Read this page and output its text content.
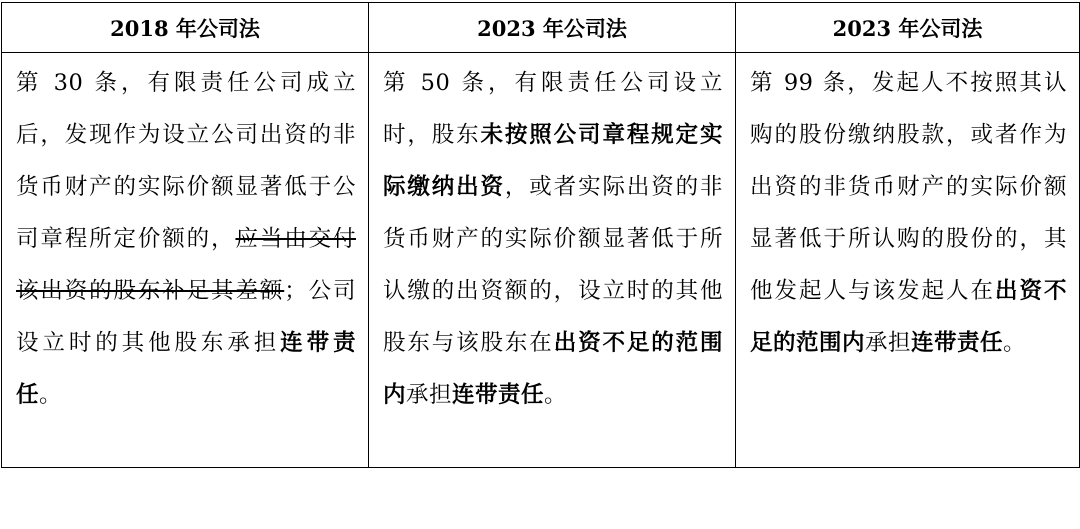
2018 年公司法	2023 年公司法	2023 年公司法

第 30 条，有限责任公司成立后，发现作为设立公司出资的非货币财产的实际价额显著低于公司章程所定价额的，应当由交付该出资的股东补足其差额；公司设立时的其他股东承担连带责任。	第 50 条，有限责任公司设立时，股东未按照公司章程规定实际缴纳出资，或者实际出资的非货币财产的实际价额显著低于所认缴的出资额的，设立时的其他股东与该股东在出资不足的范围内承担连带责任。	第 99 条，发起人不按照其认购的股份缴纳股款，或者作为出资的非货币财产的实际价额显著低于所认购的股份的，其他发起人与该发起人在出资不足的范围内承担连带责任。
